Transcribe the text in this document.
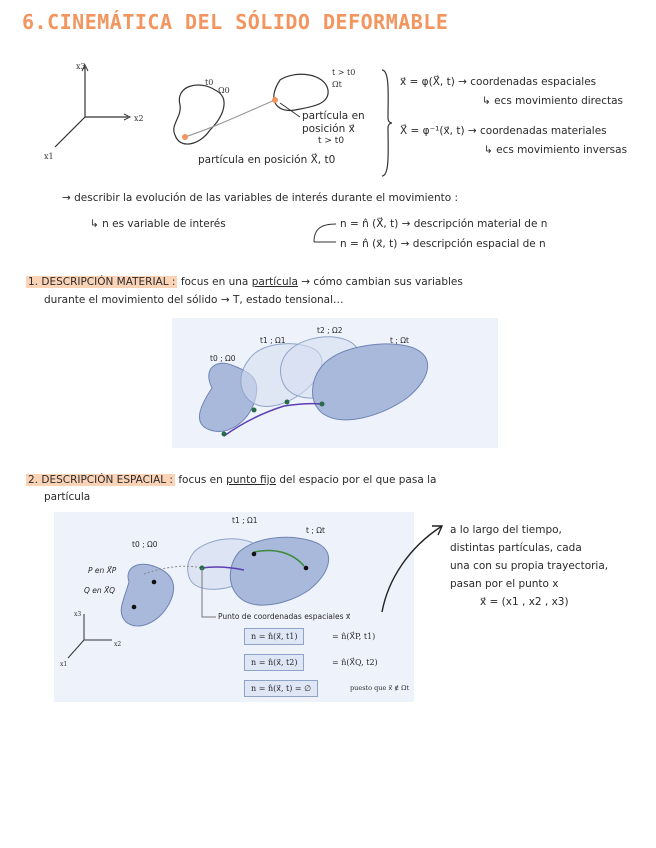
6.CINEMÁTICA DEL SÓLIDO DEFORMABLE
x3
x2
x1
t0
Ω0
t > t0
Ωt
partícula en
posición x⃗
t > t0
partícula en posición X⃗, t0
x⃗ = φ(X⃗, t) → coordenadas espaciales
↳ ecs movimiento directas
X⃗ = φ⁻¹(x⃗, t) → coordenadas materiales
↳ ecs movimiento inversas
→ describir la evolución de las variables de interés durante el movimiento :
↳ n es variable de interés	n = n̂ (X⃗, t) → descripción material de n
n = n̂ (x⃗, t) → descripción espacial de n
1. DESCRIPCIÓN MATERIAL : focus en una partícula → cómo cambian sus variables
durante el movimiento del sólido → T, estado tensional…
t0 ; Ω0
t1 ; Ω1
t2 ; Ω2
t ; Ωt
2. DESCRIPCIÓN ESPACIAL : focus en punto fijo del espacio por el que pasa la
partícula
x3
x2
x1
t0 ; Ω0
t1 ; Ω1
t ; Ωt
P en X⃗P
Q en X⃗Q
Punto de coordenadas espaciales x⃗
n = n̂(x⃗, t1)	= n̂(X⃗P, t1)
n = n̂(x⃗, t2)	= n̂(X⃗Q, t2)
n = n̂(x⃗, t) = ∅	puesto que x⃗ ∉ Ωt
a lo largo del tiempo,
distintas partículas, cada
una con su propia trayectoria,
pasan por el punto x
x⃗ = (x1 , x2 , x3)
